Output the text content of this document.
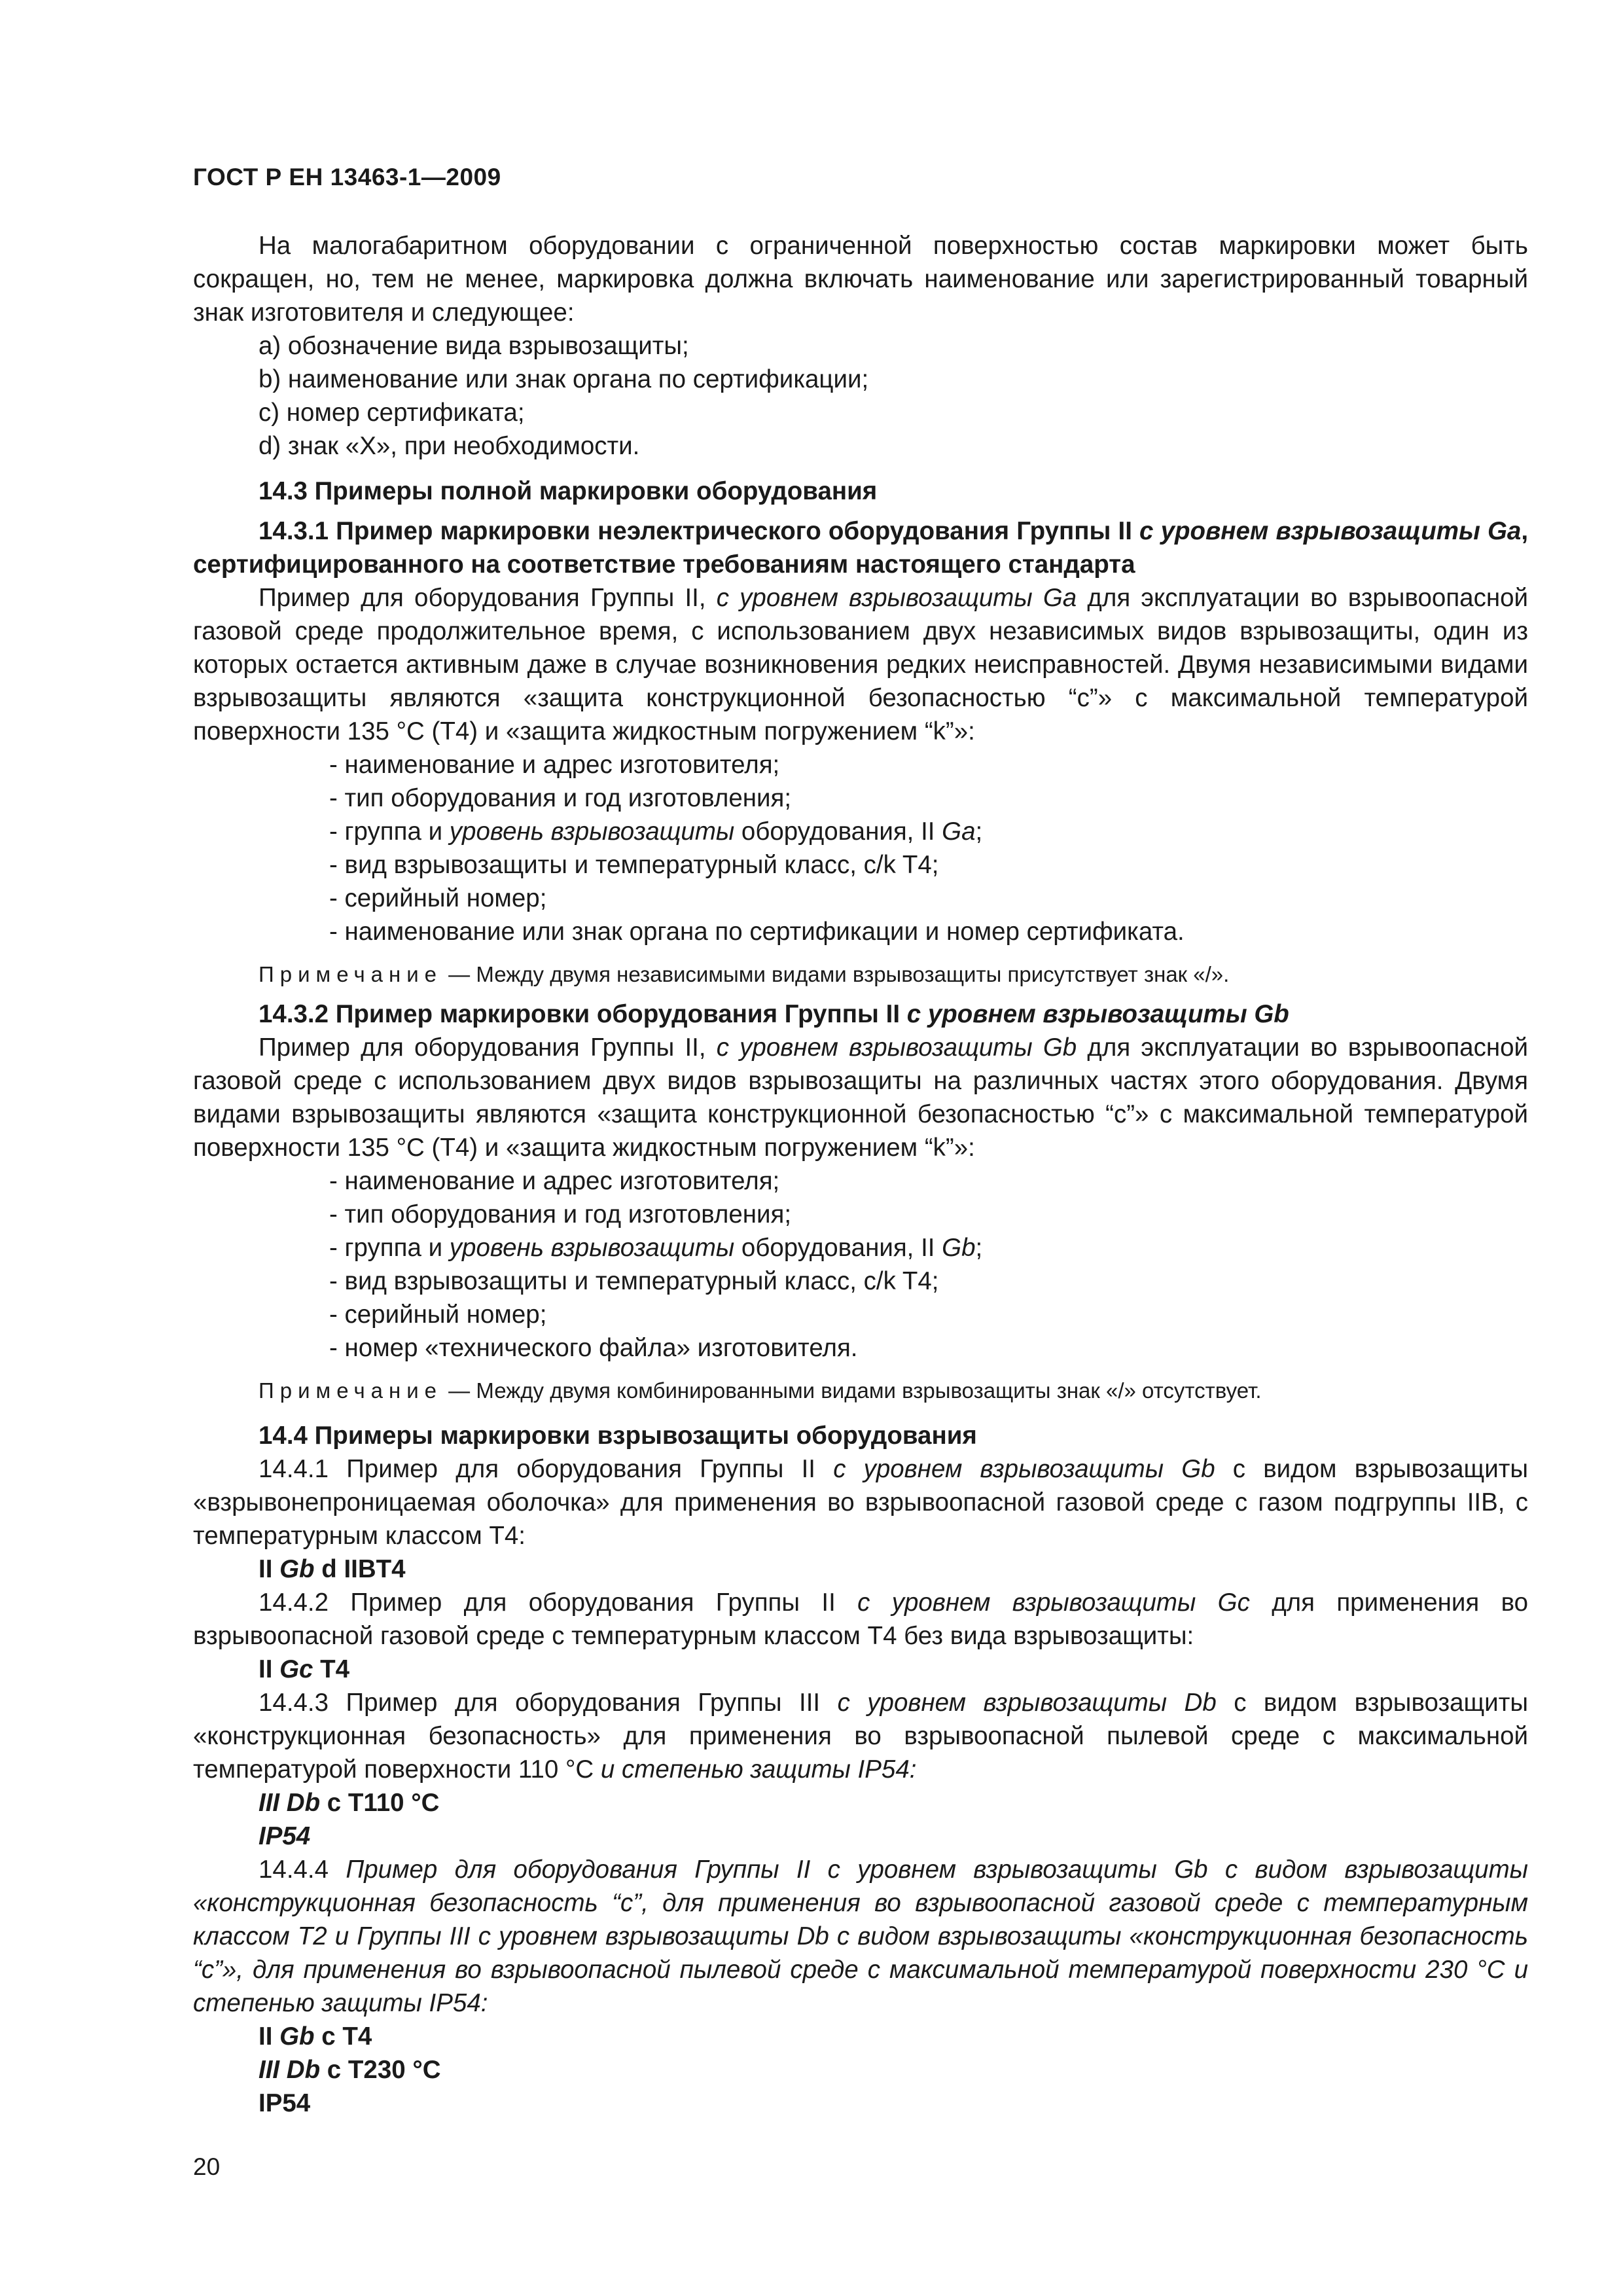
ГОСТ Р ЕН 13463-1—2009

На малогабаритном оборудовании с ограниченной поверхностью состав маркировки может быть сокращен, но, тем не менее, маркировка должна включать наименование или зарегистрированный товарный знак изготовителя и следующее:

a) обозначение вида взрывозащиты;

b) наименование или знак органа по сертификации;

c) номер сертификата;

d) знак «X», при необходимости.

14.3 Примеры полной маркировки оборудования

14.3.1 Пример маркировки неэлектрического оборудования Группы II с уровнем взрывозащиты Ga, сертифицированного на соответствие требованиям настоящего стандарта

Пример для оборудования Группы II, с уровнем взрывозащиты Ga для эксплуатации во взрывоопасной газовой среде продолжительное время, с использованием двух независимых видов взрывозащиты, один из которых остается активным даже в случае возникновения редких неисправностей. Двумя независимыми видами взрывозащиты являются «защита конструкционной безопасностью “c”» с максимальной температурой поверхности 135 °С (Т4) и «защита жидкостным погружением “k”»:

- наименование и адрес изготовителя;

- тип оборудования и год изготовления;

- группа и уровень взрывозащиты оборудования, II Ga;

- вид взрывозащиты и температурный класс, c/k T4;

- серийный номер;

- наименование или знак органа по сертификации и номер сертификата.

Примечание — Между двумя независимыми видами взрывозащиты присутствует знак «/».

14.3.2 Пример маркировки оборудования Группы II с уровнем взрывозащиты Gb

Пример для оборудования Группы II, с уровнем взрывозащиты Gb для эксплуатации во взрывоопасной газовой среде с использованием двух видов взрывозащиты на различных частях этого оборудования. Двумя видами взрывозащиты являются «защита конструкционной безопасностью “c”» с максимальной температурой поверхности 135 °С (Т4) и «защита жидкостным погружением “k”»:

- наименование и адрес изготовителя;

- тип оборудования и год изготовления;

- группа и уровень взрывозащиты оборудования, II Gb;

- вид взрывозащиты и температурный класс, c/k T4;

- серийный номер;

- номер «технического файла» изготовителя.

Примечание — Между двумя комбинированными видами взрывозащиты знак «/» отсутствует.

14.4 Примеры маркировки взрывозащиты оборудования

14.4.1 Пример для оборудования Группы II с уровнем взрывозащиты Gb с видом взрывозащиты «взрывонепроницаемая оболочка» для применения во взрывоопасной газовой среде с газом подгруппы IIB, с температурным классом Т4:

II Gb d IIBT4

14.4.2 Пример для оборудования Группы II с уровнем взрывозащиты Gc для применения во взрывоопасной газовой среде с температурным классом Т4 без вида взрывозащиты:

II Gc T4

14.4.3 Пример для оборудования Группы III с уровнем взрывозащиты Db с видом взрывозащиты «конструкционная безопасность» для применения во взрывоопасной пылевой среде с максимальной температурой поверхности 110 °С и степенью защиты IP54:

III Db c T110 °C

IP54

14.4.4 Пример для оборудования Группы II с уровнем взрывозащиты Gb с видом взрывозащиты «конструкционная безопасность “c”, для применения во взрывоопасной газовой среде с температурным классом T2 и Группы III с уровнем взрывозащиты Db с видом взрывозащиты «конструкционная безопасность “c”», для применения во взрывоопасной пылевой среде с максимальной температурой поверхности 230 °С и степенью защиты IP54:

II Gb c T4

III Db c T230 °C

IP54

20
